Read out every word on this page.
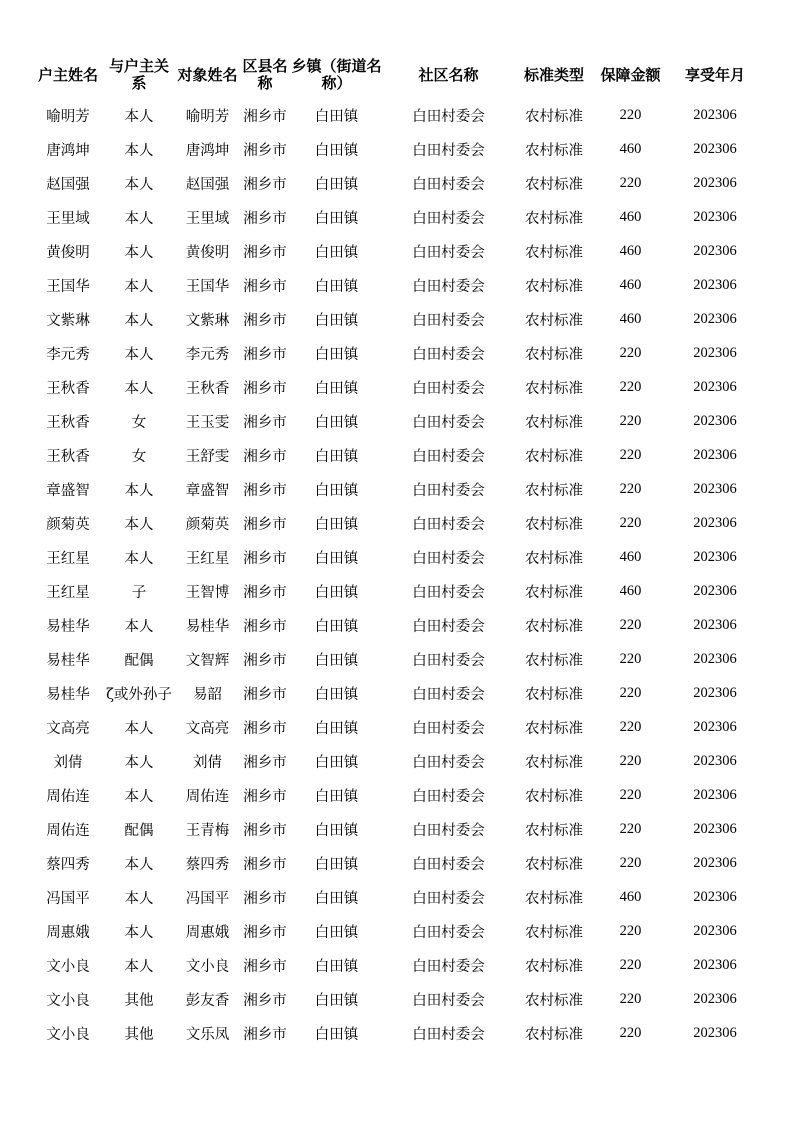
户主姓名	与户主关系	对象姓名	区县名称	乡镇（街道名称）	社区名称	标准类型	保障金额	享受年月
喻明芳	本人	喻明芳	湘乡市	白田镇	白田村委会	农村标准	220	202306
唐鸿坤	本人	唐鸿坤	湘乡市	白田镇	白田村委会	农村标准	460	202306
赵国强	本人	赵国强	湘乡市	白田镇	白田村委会	农村标准	220	202306
王里域	本人	王里域	湘乡市	白田镇	白田村委会	农村标准	460	202306
黄俊明	本人	黄俊明	湘乡市	白田镇	白田村委会	农村标准	460	202306
王国华	本人	王国华	湘乡市	白田镇	白田村委会	农村标准	460	202306
文紫琳	本人	文紫琳	湘乡市	白田镇	白田村委会	农村标准	460	202306
李元秀	本人	李元秀	湘乡市	白田镇	白田村委会	农村标准	220	202306
王秋香	本人	王秋香	湘乡市	白田镇	白田村委会	农村标准	220	202306
王秋香	女	王玉雯	湘乡市	白田镇	白田村委会	农村标准	220	202306
王秋香	女	王舒雯	湘乡市	白田镇	白田村委会	农村标准	220	202306
章盛智	本人	章盛智	湘乡市	白田镇	白田村委会	农村标准	220	202306
颜菊英	本人	颜菊英	湘乡市	白田镇	白田村委会	农村标准	220	202306
王红星	本人	王红星	湘乡市	白田镇	白田村委会	农村标准	460	202306
王红星	子	王智博	湘乡市	白田镇	白田村委会	农村标准	460	202306
易桂华	本人	易桂华	湘乡市	白田镇	白田村委会	农村标准	220	202306
易桂华	配偶	文智辉	湘乡市	白田镇	白田村委会	农村标准	220	202306
易桂华	ζ或外孙子	易韶	湘乡市	白田镇	白田村委会	农村标准	220	202306
文高亮	本人	文高亮	湘乡市	白田镇	白田村委会	农村标准	220	202306
刘倩	本人	刘倩	湘乡市	白田镇	白田村委会	农村标准	220	202306
周佑连	本人	周佑连	湘乡市	白田镇	白田村委会	农村标准	220	202306
周佑连	配偶	王青梅	湘乡市	白田镇	白田村委会	农村标准	220	202306
蔡四秀	本人	蔡四秀	湘乡市	白田镇	白田村委会	农村标准	220	202306
冯国平	本人	冯国平	湘乡市	白田镇	白田村委会	农村标准	460	202306
周惠娥	本人	周惠娥	湘乡市	白田镇	白田村委会	农村标准	220	202306
文小良	本人	文小良	湘乡市	白田镇	白田村委会	农村标准	220	202306
文小良	其他	彭友香	湘乡市	白田镇	白田村委会	农村标准	220	202306
文小良	其他	文乐凤	湘乡市	白田镇	白田村委会	农村标准	220	202306
